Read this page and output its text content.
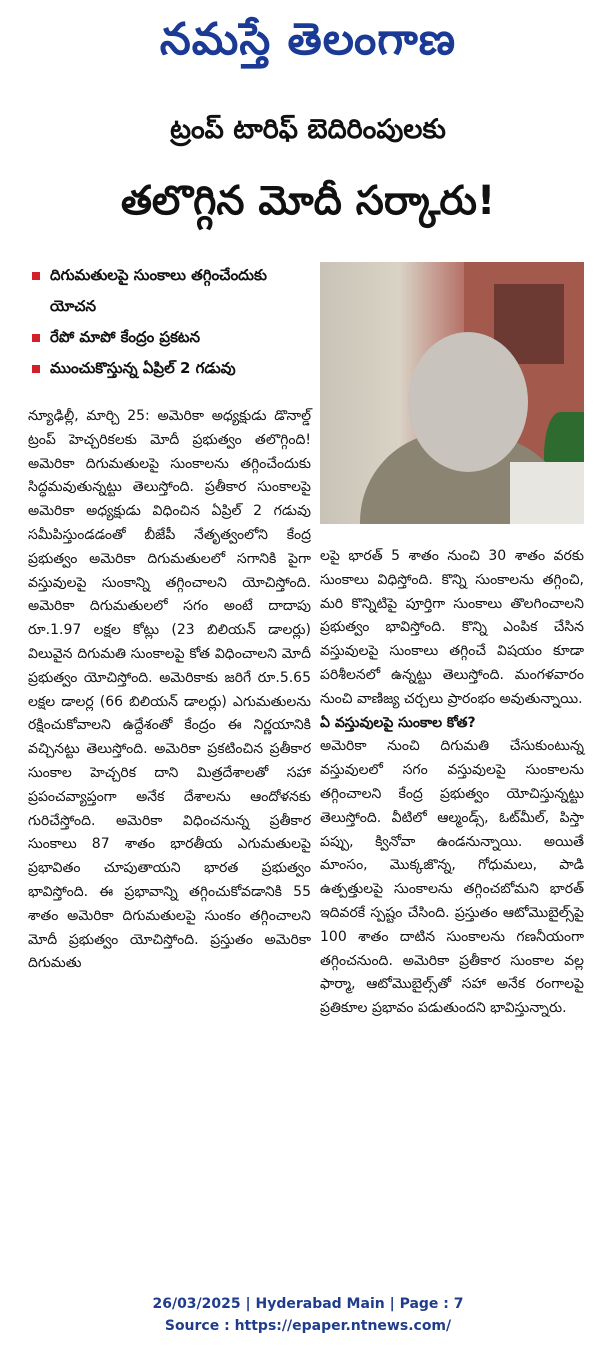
నమస్తే తెలంగాణ
ట్రంప్ టారిఫ్ బెదిరింపులకు
తలొగ్గిన మోదీ సర్కారు!
దిగుమతులపై సుంకాలు తగ్గించేందుకు యోచన
రేపో మాపో కేంద్రం ప్రకటన
ముంచుకొస్తున్న ఏప్రిల్ 2 గడువు

న్యూఢిల్లీ, మార్చి 25: అమెరికా అధ్యక్షుడు డొనాల్డ్ ట్రంప్ హెచ్చరికలకు మోదీ ప్రభుత్వం తలొగ్గింది! అమెరికా దిగుమతులపై సుంకాలను తగ్గించేందుకు సిద్ధమవుతున్నట్టు తెలుస్తోంది. ప్రతీకార సుంకాలపై అమెరికా అధ్యక్షుడు విధించిన ఏప్రిల్ 2 గడువు సమీపిస్తుండడంతో బీజేపీ నేతృత్వంలోని కేంద్ర ప్రభుత్వం అమెరికా దిగుమతులలో సగానికి పైగా వస్తువులపై సుంకాన్ని తగ్గించాలని యోచిస్తోంది. అమెరికా దిగుమతులలో సగం అంటే దాదాపు రూ.1.97 లక్షల కోట్లు (23 బిలియన్ డాలర్లు) విలువైన దిగుమతి సుంకాలపై కోత విధించాలని మోదీ ప్రభుత్వం యోచిస్తోంది. అమెరికాకు జరిగే రూ.5.65 లక్షల డాలర్ల (66 బిలియన్ డాలర్లు) ఎగుమతులను రక్షించుకోవాలని ఉద్దేశంతో కేంద్రం ఈ నిర్ణయానికి వచ్చినట్టు తెలుస్తోంది. అమెరికా ప్రకటించిన ప్రతీకార సుంకాల హెచ్చరిక దాని మిత్రదేశాలతో సహా ప్రపంచవ్యాప్తంగా అనేక దేశాలను ఆందోళనకు గురిచేస్తోంది. అమెరికా విధించనున్న ప్రతీకార సుంకాలు 87 శాతం భారతీయ ఎగుమతులపై ప్రభావితం చూపుతాయని భారత ప్రభుత్వం భావిస్తోంది. ఈ ప్రభావాన్ని తగ్గించుకోవడానికి 55 శాతం అమెరికా దిగుమతులపై సుంకం తగ్గించాలని మోదీ ప్రభుత్వం యోచిస్తోంది. ప్రస్తుతం అమెరికా దిగుమతు

లపై భారత్ 5 శాతం నుంచి 30 శాతం వరకు సుంకాలు విధిస్తోంది. కొన్ని సుంకాలను తగ్గించి, మరి కొన్నిటిపై పూర్తిగా సుంకాలు తొలగించాలని ప్రభుత్వం భావిస్తోంది. కొన్ని ఎంపిక చేసిన వస్తువులపై సుంకాలు తగ్గించే విషయం కూడా పరిశీలనలో ఉన్నట్టు తెలుస్తోంది. మంగళవారం నుంచి వాణిజ్య చర్చలు ప్రారంభం అవుతున్నాయి.

ఏ వస్తువులపై సుంకాల కోత?

అమెరికా నుంచి దిగుమతి చేసుకుంటున్న వస్తువులలో సగం వస్తువులపై సుంకాలను తగ్గించాలని కేంద్ర ప్రభుత్వం యోచిస్తున్నట్టు తెలుస్తోంది. వీటిలో ఆల్మండ్స్, ఓట్‌మీల్, పిస్తా పప్పు, క్వినోవా ఉండనున్నాయి. అయితే మాంసం, మొక్కజొన్న, గోధుమలు, పాడి ఉత్పత్తులపై సుంకాలను తగ్గించబోమని భారత్ ఇదివరకే స్పష్టం చేసింది. ప్రస్తుతం ఆటోమొబైల్స్‌పై 100 శాతం దాటిన సుంకాలను గణనీయంగా తగ్గించనుంది. అమెరికా ప్రతీకార సుంకాల వల్ల ఫార్మా, ఆటోమొబైల్స్‌తో సహా అనేక రంగాలపై ప్రతికూల ప్రభావం పడుతుందని భావిస్తున్నారు.

26/03/2025 | Hyderabad Main | Page : 7
Source : https://epaper.ntnews.com/
